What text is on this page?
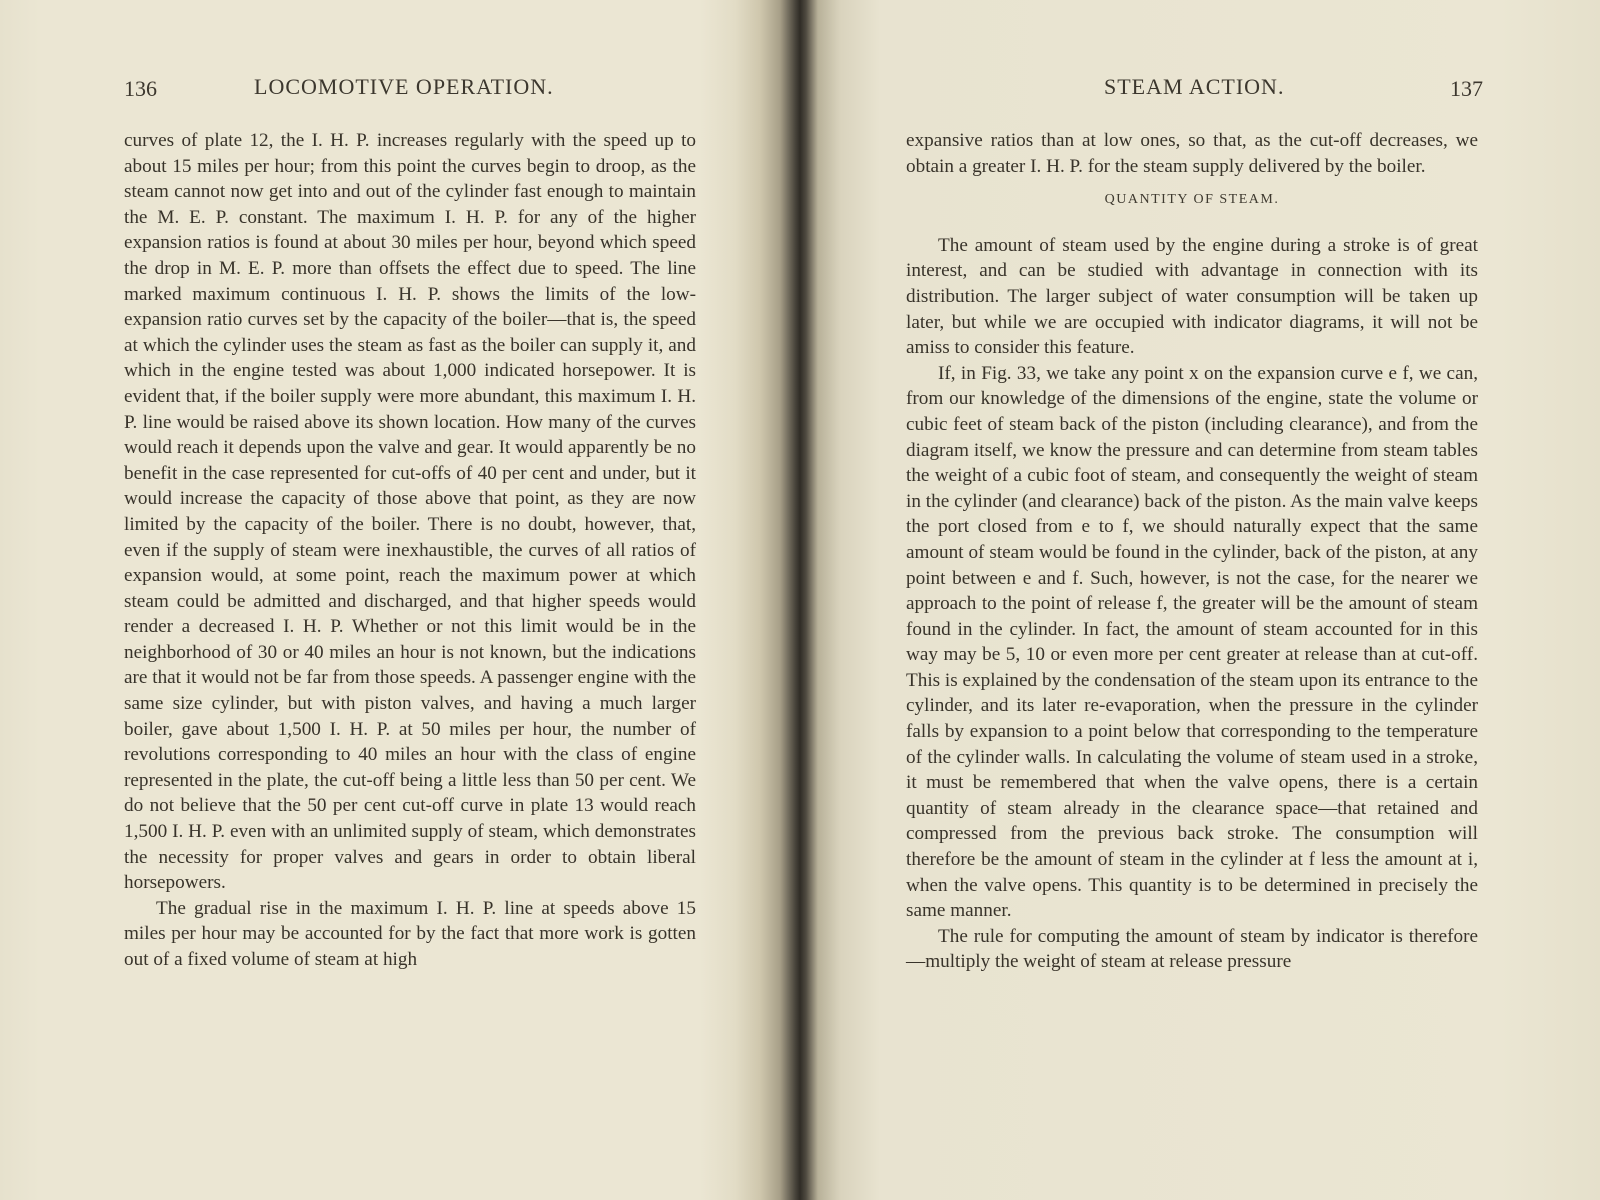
136	LOCOMOTIVE OPERATION.

curves of plate 12, the I. H. P. increases regularly with the speed up to about 15 miles per hour; from this point the curves begin to droop, as the steam cannot now get into and out of the cylinder fast enough to maintain the M. E. P. constant. The maximum I. H. P. for any of the higher expansion ratios is found at about 30 miles per hour, beyond which speed the drop in M. E. P. more than offsets the effect due to speed. The line marked maximum continuous I. H. P. shows the limits of the low-expansion ratio curves set by the capacity of the boiler—that is, the speed at which the cylinder uses the steam as fast as the boiler can supply it, and which in the engine tested was about 1,000 indicated horsepower. It is evident that, if the boiler supply were more abundant, this maximum I. H. P. line would be raised above its shown location. How many of the curves would reach it depends upon the valve and gear. It would apparently be no benefit in the case represented for cut-offs of 40 per cent and under, but it would increase the capacity of those above that point, as they are now limited by the capacity of the boiler. There is no doubt, however, that, even if the supply of steam were inexhaustible, the curves of all ratios of expansion would, at some point, reach the maximum power at which steam could be admitted and discharged, and that higher speeds would render a decreased I. H. P. Whether or not this limit would be in the neighborhood of 30 or 40 miles an hour is not known, but the indications are that it would not be far from those speeds. A passenger engine with the same size cylinder, but with piston valves, and having a much larger boiler, gave about 1,500 I. H. P. at 50 miles per hour, the number of revolutions corresponding to 40 miles an hour with the class of engine represented in the plate, the cut-off being a little less than 50 per cent. We do not believe that the 50 per cent cut-off curve in plate 13 would reach 1,500 I. H. P. even with an unlimited supply of steam, which demonstrates the necessity for proper valves and gears in order to obtain liberal horsepowers.

The gradual rise in the maximum I. H. P. line at speeds above 15 miles per hour may be accounted for by the fact that more work is gotten out of a fixed volume of steam at high

STEAM ACTION.	137

expansive ratios than at low ones, so that, as the cut-off decreases, we obtain a greater I. H. P. for the steam supply delivered by the boiler.

QUANTITY OF STEAM.

The amount of steam used by the engine during a stroke is of great interest, and can be studied with advantage in connection with its distribution. The larger subject of water consumption will be taken up later, but while we are occupied with indicator diagrams, it will not be amiss to consider this feature.

If, in Fig. 33, we take any point x on the expansion curve e f, we can, from our knowledge of the dimensions of the engine, state the volume or cubic feet of steam back of the piston (including clearance), and from the diagram itself, we know the pressure and can determine from steam tables the weight of a cubic foot of steam, and consequently the weight of steam in the cylinder (and clearance) back of the piston. As the main valve keeps the port closed from e to f, we should naturally expect that the same amount of steam would be found in the cylinder, back of the piston, at any point between e and f. Such, however, is not the case, for the nearer we approach to the point of release f, the greater will be the amount of steam found in the cylinder. In fact, the amount of steam accounted for in this way may be 5, 10 or even more per cent greater at release than at cut-off. This is explained by the condensation of the steam upon its entrance to the cylinder, and its later re-evaporation, when the pressure in the cylinder falls by expansion to a point below that corresponding to the temperature of the cylinder walls. In calculating the volume of steam used in a stroke, it must be remembered that when the valve opens, there is a certain quantity of steam already in the clearance space—that retained and compressed from the previous back stroke. The consumption will therefore be the amount of steam in the cylinder at f less the amount at i, when the valve opens. This quantity is to be determined in precisely the same manner.

The rule for computing the amount of steam by indicator is therefore—multiply the weight of steam at release pressure
